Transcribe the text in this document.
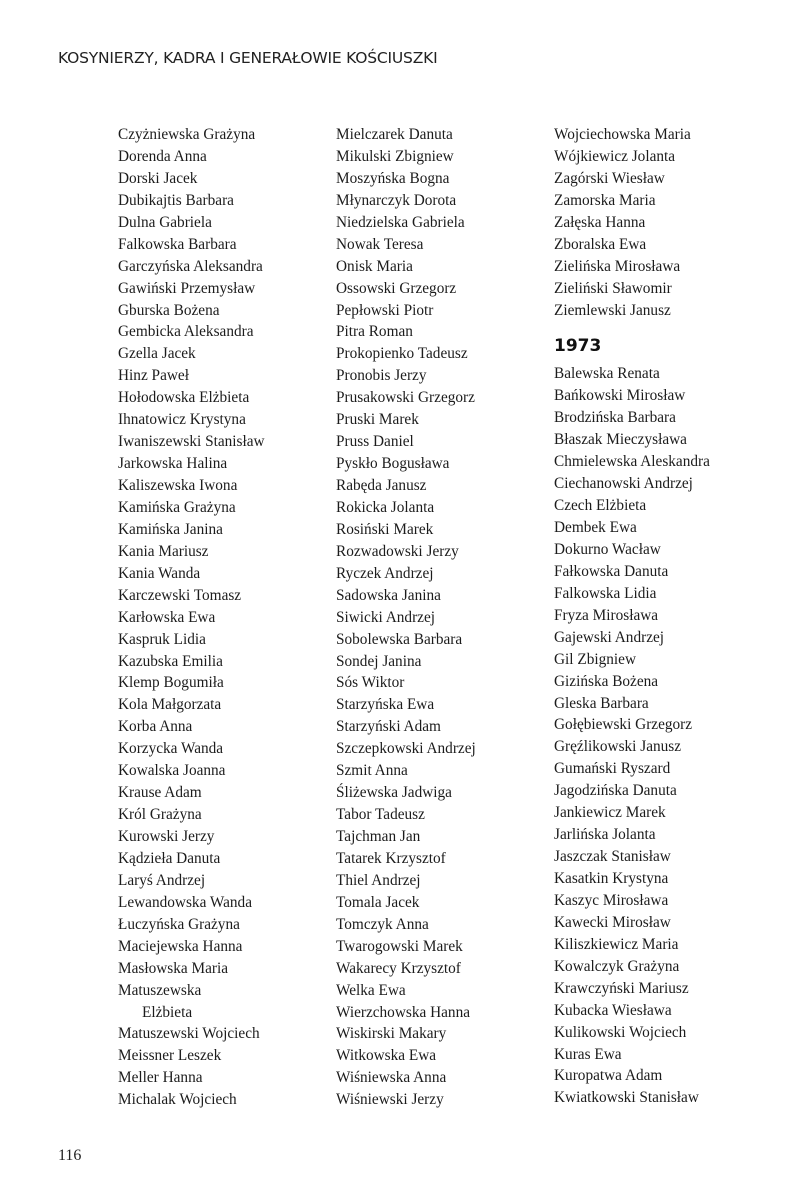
KOSYNIERZY, KADRA I GENERAŁOWIE KOŚCIUSZKI
Czyżniewska Grażyna
Dorenda Anna
Dorski Jacek
Dubikajtis Barbara
Dulna Gabriela
Falkowska Barbara
Garczyńska Aleksandra
Gawiński Przemysław
Gburska Bożena
Gembicka Aleksandra
Gzella Jacek
Hinz Paweł
Hołodowska Elżbieta
Ihnatowicz Krystyna
Iwaniszewski Stanisław
Jarkowska Halina
Kaliszewska Iwona
Kamińska Grażyna
Kamińska Janina
Kania Mariusz
Kania Wanda
Karczewski Tomasz
Karłowska Ewa
Kaspruk Lidia
Kazubska Emilia
Klemp Bogumiła
Kola Małgorzata
Korba Anna
Korzycka Wanda
Kowalska Joanna
Krause Adam
Król Grażyna
Kurowski Jerzy
Kądzieła Danuta
Laryś Andrzej
Lewandowska Wanda
Łuczyńska Grażyna
Maciejewska Hanna
Masłowska Maria
Matuszewska
Elżbieta
Matuszewski Wojciech
Meissner Leszek
Meller Hanna
Michalak Wojciech
Mielczarek Danuta
Mikulski Zbigniew
Moszyńska Bogna
Młynarczyk Dorota
Niedzielska Gabriela
Nowak Teresa
Onisk Maria
Ossowski Grzegorz
Pepłowski Piotr
Pitra Roman
Prokopienko Tadeusz
Pronobis Jerzy
Prusakowski Grzegorz
Pruski Marek
Pruss Daniel
Pyskło Bogusława
Rabęda Janusz
Rokicka Jolanta
Rosiński Marek
Rozwadowski Jerzy
Ryczek Andrzej
Sadowska Janina
Siwicki Andrzej
Sobolewska Barbara
Sondej Janina
Sós Wiktor
Starzyńska Ewa
Starzyński Adam
Szczepkowski Andrzej
Szmit Anna
Śliżewska Jadwiga
Tabor Tadeusz
Tajchman Jan
Tatarek Krzysztof
Thiel Andrzej
Tomala Jacek
Tomczyk Anna
Twarogowski Marek
Wakarecy Krzysztof
Welka Ewa
Wierzchowska Hanna
Wiskirski Makary
Witkowska Ewa
Wiśniewska Anna
Wiśniewski Jerzy
Wojciechowska Maria
Wójkiewicz Jolanta
Zagórski Wiesław
Zamorska Maria
Załęska Hanna
Zboralska Ewa
Zielińska Mirosława
Zieliński Sławomir
Ziemlewski Janusz
1973
Balewska Renata
Bańkowski Mirosław
Brodzińska Barbara
Błaszak Mieczysława
Chmielewska Aleskandra
Ciechanowski Andrzej
Czech Elżbieta
Dembek Ewa
Dokurno Wacław
Fałkowska Danuta
Falkowska Lidia
Fryza Mirosława
Gajewski Andrzej
Gil Zbigniew
Gizińska Bożena
Gleska Barbara
Gołębiewski Grzegorz
Gręźlikowski Janusz
Gumański Ryszard
Jagodzińska Danuta
Jankiewicz Marek
Jarlińska Jolanta
Jaszczak Stanisław
Kasatkin Krystyna
Kaszyc Mirosława
Kawecki Mirosław
Kiliszkiewicz Maria
Kowalczyk Grażyna
Krawczyński Mariusz
Kubacka Wiesława
Kulikowski Wojciech
Kuras Ewa
Kuropatwa Adam
Kwiatkowski Stanisław
116
